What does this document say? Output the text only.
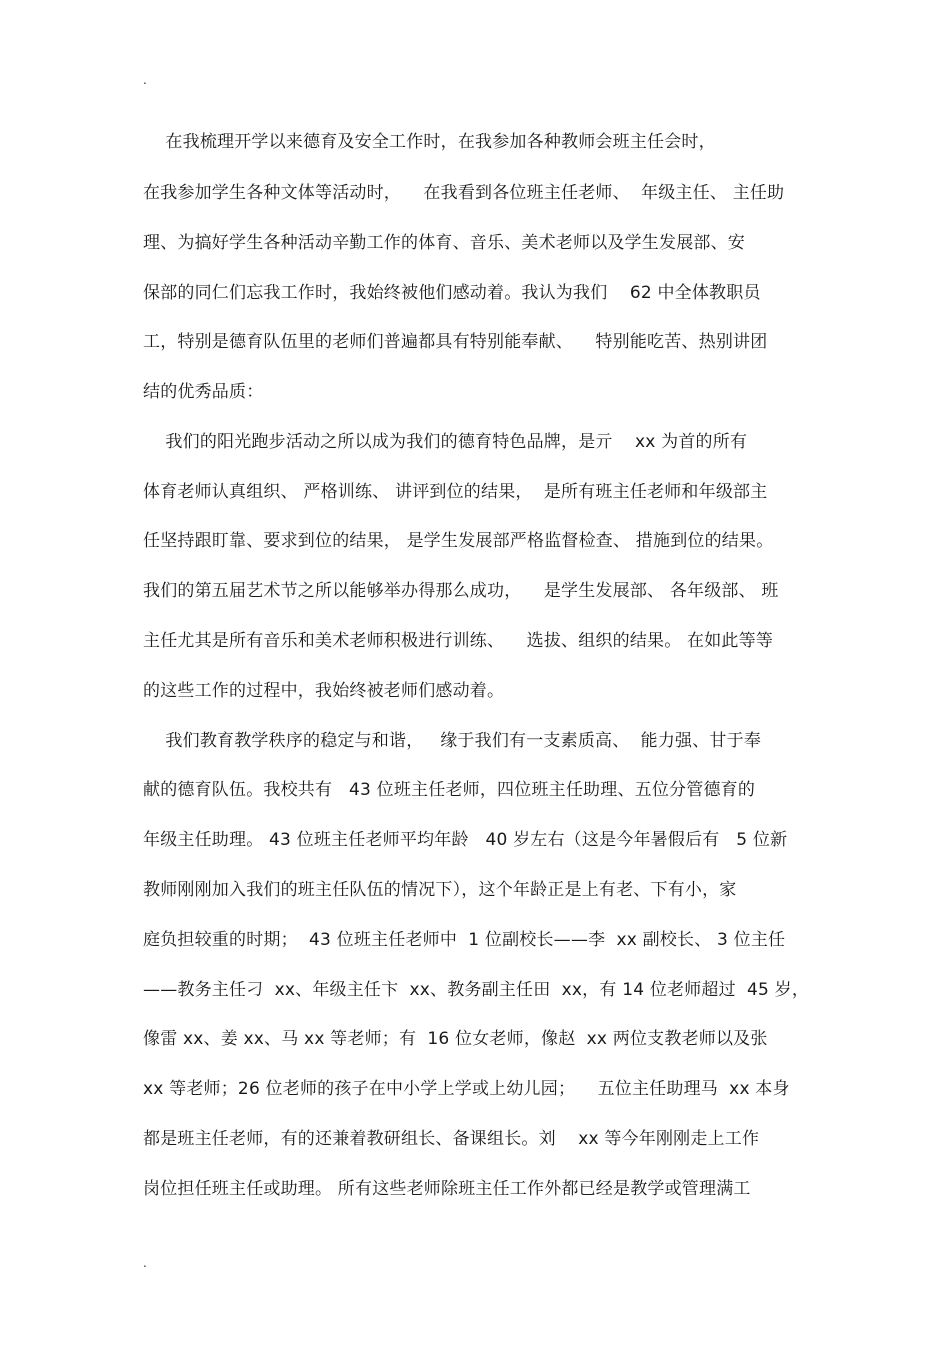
.
在我梳理开学以来德育及安全工作时，在我参加各种教师会班主任会时，
在我参加学生各种文体等活动时，    在我看到各位班主任老师、  年级主任、 主任助
理、为搞好学生各种活动辛勤工作的体育、音乐、美术老师以及学生发展部、安
保部的同仁们忘我工作时，我始终被他们感动着。我认为我们    62 中全体教职员
工，特别是德育队伍里的老师们普遍都具有特别能奉献、    特别能吃苦、热别讲团
结的优秀品质：
我们的阳光跑步活动之所以成为我们的德育特色品牌，是亓    xx 为首的所有
体育老师认真组织、 严格训练、 讲评到位的结果，  是所有班主任老师和年级部主
任坚持跟盯靠、要求到位的结果， 是学生发展部严格监督检查、 措施到位的结果。
我们的第五届艺术节之所以能够举办得那么成功，    是学生发展部、 各年级部、 班
主任尤其是所有音乐和美术老师积极进行训练、    选拔、组织的结果。 在如此等等
的这些工作的过程中，我始终被老师们感动着。
我们教育教学秩序的稳定与和谐，   缘于我们有一支素质高、  能力强、甘于奉
献的德育队伍。我校共有   43 位班主任老师，四位班主任助理、五位分管德育的
年级主任助理。 43 位班主任老师平均年龄   40 岁左右（这是今年暑假后有   5 位新
教师刚刚加入我们的班主任队伍的情况下），这个年龄正是上有老、下有小，家
庭负担较重的时期；  43 位班主任老师中  1 位副校长——李  xx 副校长、 3 位主任
——教务主任刁  xx、年级主任卞  xx、教务副主任田  xx，有 14 位老师超过  45 岁，
像雷 xx、姜 xx、马 xx 等老师；有  16 位女老师，像赵  xx 两位支教老师以及张
xx 等老师；26 位老师的孩子在中小学上学或上幼儿园；    五位主任助理马  xx 本身
都是班主任老师，有的还兼着教研组长、备课组长。刘    xx 等今年刚刚走上工作
岗位担任班主任或助理。 所有这些老师除班主任工作外都已经是教学或管理满工
.
